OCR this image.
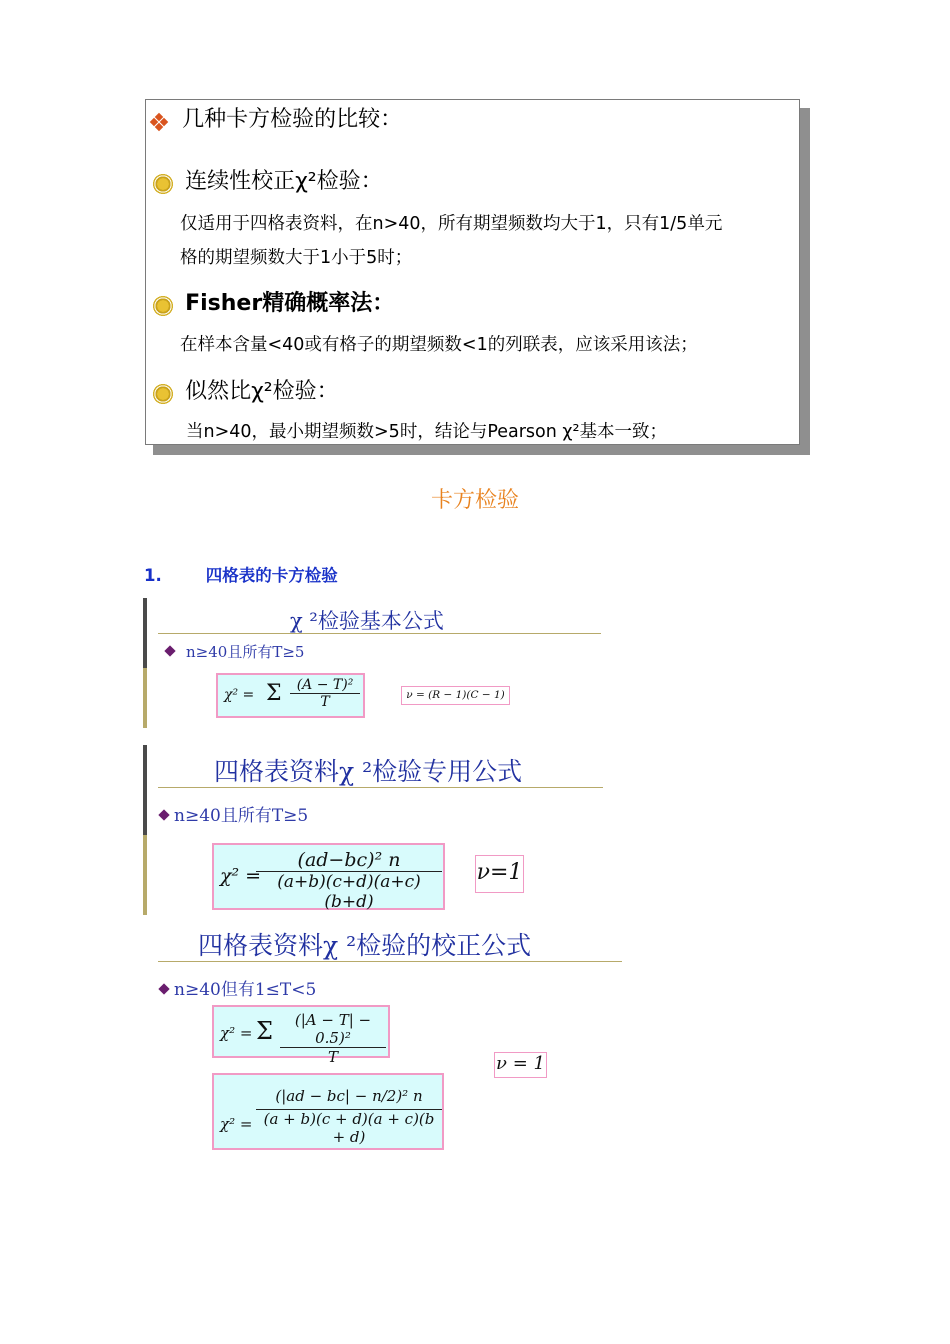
几种卡方检验的比较：
连续性校正χ²检验：
仅适用于四格表资料，在n>40，所有期望频数均大于1，只有1/5单元
格的期望频数大于1小于5时；
Fisher精确概率法：
在样本含量<40或有格子的期望频数<1的列联表，应该采用该法；
似然比χ²检验：
当n>40，最小期望频数>5时，结论与Pearson χ²基本一致；
卡方检验
1.	四格表的卡方检验
χ ²检验基本公式
n≥40且所有T≥5
χ² = Σ $\frac{\text{(A − T)²}}{T}$	ν = (R − 1)(C − 1)
四格表资料χ ²检验专用公式
n≥40且所有T≥5
χ² =
$\frac{\text{(ad−bc)² n}}{(a+b)(c+d)(a+c)(b+d)} \nu=1$
四格表资料χ ²检验的校正公式
n≥40但有1≤T<5
χ² = Σ $\frac{\text{(|A − T| − 0.5)²}}{T}$
$\chi^2 = \frac{\text{(|ad − bc| − n/2)² n}}{(a + b)(c + d)(a + c)(b + d)}$
ν = 1
